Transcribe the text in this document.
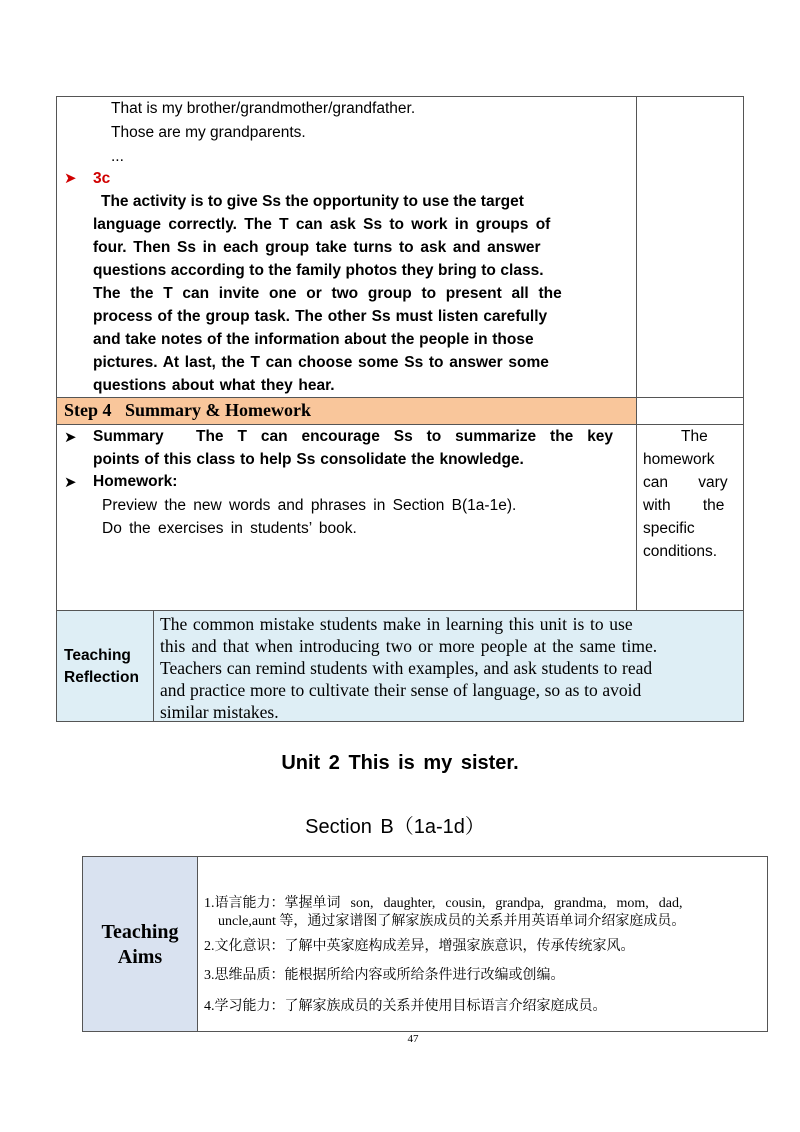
That is my brother/grandmother/grandfather.
Those are my grandparents.
...
➤ 3c
The activity is to give Ss the opportunity to use the target
language correctly. The T can ask Ss to work in groups of
four. Then Ss in each group take turns to ask and answer
questions according to the family photos they bring to class.
The the T can invite one or two group to present all the
process of the group task. The other Ss must listen carefully
and take notes of the information about the people in those
pictures. At last, the T can choose some Ss to answer some
questions about what they hear.
Step 4   Summary & Homework
➤ Summary The T can encourage Ss to summarize the key
points of this class to help Ss consolidate the knowledge.
➤ Homework:
Preview the new words and phrases in Section B(1a-1e).
Do the exercises in students’ book.
The
homework
can vary
with the
specific
conditions.
Teaching
Reflection
The common mistake students make in learning this unit is to use
this and that when introducing two or more people at the same time.
Teachers can remind students with examples, and ask students to read
and practice more to cultivate their sense of language, so as to avoid
similar mistakes.
Unit 2 This is my sister.
Section B（1a-1d）
Teaching
Aims
1.语言能力：掌握单词 son, daughter, cousin, grandpa, grandma, mom, dad,
uncle,aunt 等，通过家谱图了解家族成员的关系并用英语单词介绍家庭成员。
2.文化意识：了解中英家庭构成差异，增强家族意识，传承传统家风。
3.思维品质：能根据所给内容或所给条件进行改编或创编。
4.学习能力：了解家族成员的关系并使用目标语言介绍家庭成员。
47
